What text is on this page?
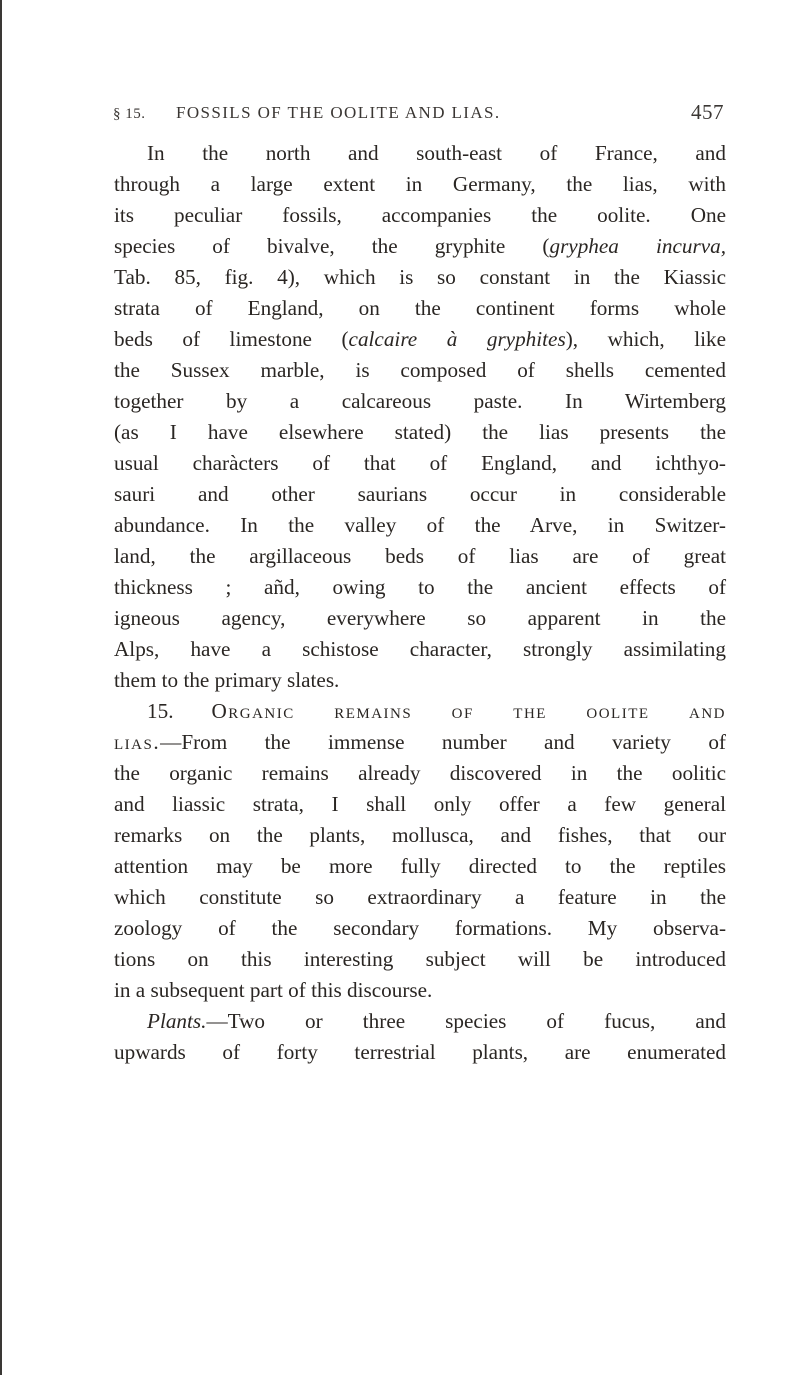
§ 15. FOSSILS OF THE OOLITE AND LIAS.	457

In the north and south-east of France, and
through a large extent in Germany, the lias, with
its peculiar fossils, accompanies the oolite. One
species of bivalve, the gryphite (gryphea incurva,
Tab. 85, fig. 4), which is so constant in the Kiassic
strata of England, on the continent forms whole
beds of limestone (calcaire à gryphites), which, like
the Sussex marble, is composed of shells cemented
together by a calcareous paste. In Wirtemberg
(as I have elsewhere stated) the lias presents the
usual charàcters of that of England, and ichthyo-
sauri and other saurians occur in considerable
abundance. In the valley of the Arve, in Switzer-
land, the argillaceous beds of lias are of great
thickness ; añd, owing to the ancient effects of
igneous agency, everywhere so apparent in the
Alps, have a schistose character, strongly assimilating
them to the primary slates.

15. Organic remains of the oolite and
lias.—From the immense number and variety of
the organic remains already discovered in the oolitic
and liassic strata, I shall only offer a few general
remarks on the plants, mollusca, and fishes, that our
attention may be more fully directed to the reptiles
which constitute so extraordinary a feature in the
zoology of the secondary formations. My observa-
tions on this interesting subject will be introduced
in a subsequent part of this discourse.

Plants.—Two or three species of fucus, and
upwards of forty terrestrial plants, are enumerated
